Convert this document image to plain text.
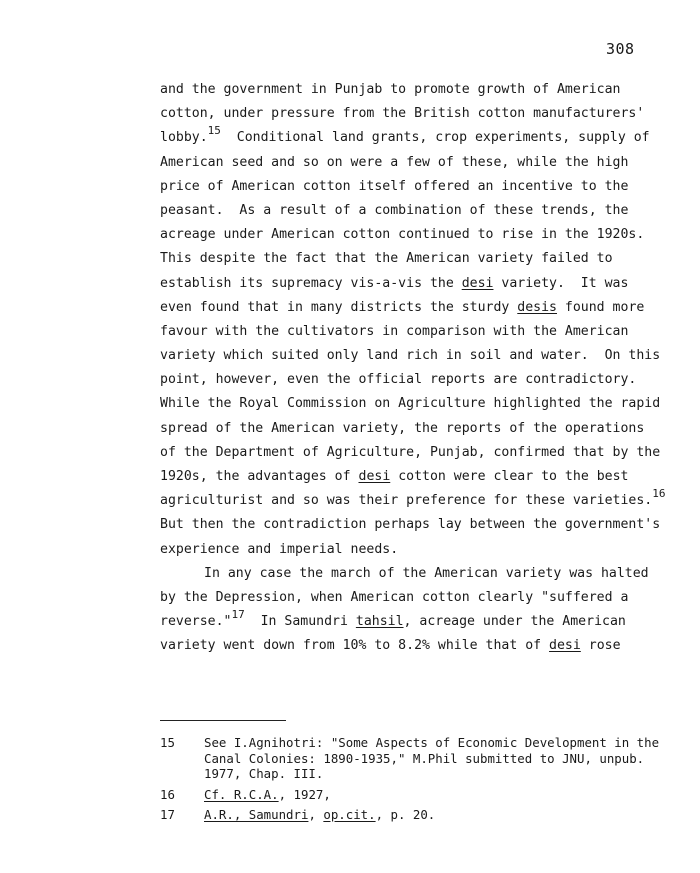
308
and the government in Punjab to promote growth of American
cotton, under pressure from the British cotton manufacturers'
lobby.$^{15}$  Conditional land grants, crop experiments, supply of
American seed and so on were a few of these, while the high
price of American cotton itself offered an incentive to the
peasant.  As a result of a combination of these trends, the
acreage under American cotton continued to rise in the 1920s.
This despite the fact that the American variety failed to
establish its supremacy vis-a-vis the desi variety.  It was
even found that in many districts the sturdy desis found more
favour with the cultivators in comparison with the American
variety which suited only land rich in soil and water.  On this
point, however, even the official reports are contradictory.
While the Royal Commission on Agriculture highlighted the rapid
spread of the American variety, the reports of the operations
of the Department of Agriculture, Punjab, confirmed that by the
1920s, the advantages of desi cotton were clear to the best
agriculturist and so was their preference for these varieties.$^{16}$
But then the contradiction perhaps lay between the government's
experience and imperial needs.
In any case the march of the American variety was halted
by the Depression, when American cotton clearly "suffered a
reverse."$^{17}$  In Samundri tahsil, acreage under the American
variety went down from 10% to 8.2% while that of desi rose
15	See I.Agnihotri: "Some Aspects of Economic Development in the Canal Colonies: 1890-1935," M.Phil submitted to JNU, unpub. 1977, Chap. III.
16	Cf. R.C.A., 1927,
17	A.R., Samundri, op.cit., p. 20.
